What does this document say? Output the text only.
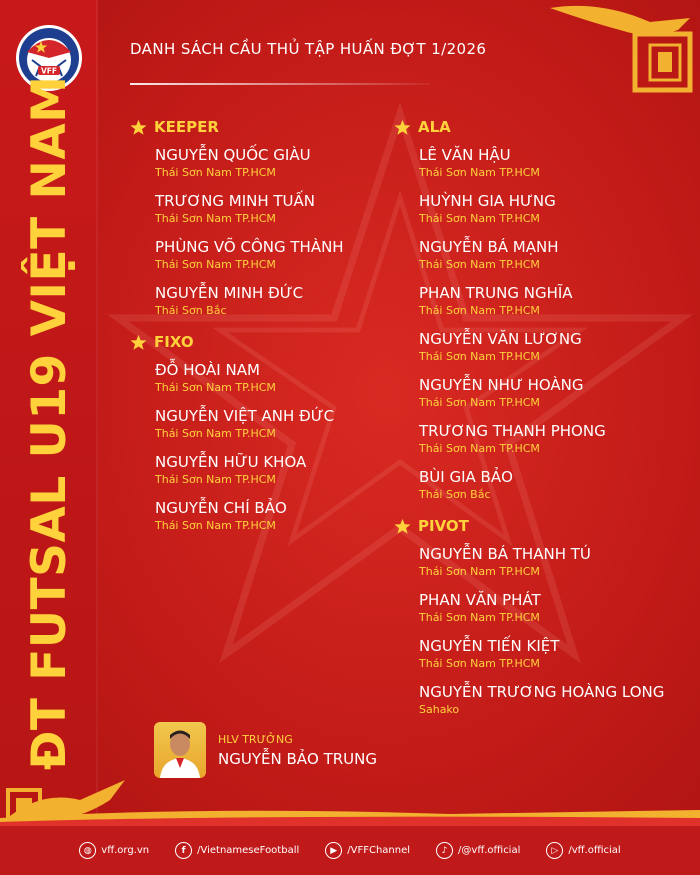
VFF
ĐT FUTSAL U19 VIỆT NAM
DANH SÁCH CẦU THỦ TẬP HUẤN ĐỢT 1/2026
KEEPER
NGUYỄN QUỐC GIÀU
Thái Sơn Nam TP.HCM
TRƯƠNG MINH TUẤN
Thái Sơn Nam TP.HCM
PHÙNG VÕ CÔNG THÀNH
Thái Sơn Nam TP.HCM
NGUYỄN MINH ĐỨC
Thái Sơn Bắc
FIXO
ĐỖ HOÀI NAM
Thái Sơn Nam TP.HCM
NGUYỄN VIỆT ANH ĐỨC
Thái Sơn Nam TP.HCM
NGUYỄN HỮU KHOA
Thái Sơn Nam TP.HCM
NGUYỄN CHÍ BẢO
Thái Sơn Nam TP.HCM
ALA
LÊ VĂN HẬU
Thái Sơn Nam TP.HCM
HUỲNH GIA HƯNG
Thái Sơn Nam TP.HCM
NGUYỄN BÁ MẠNH
Thái Sơn Nam TP.HCM
PHAN TRUNG NGHĨA
Thái Sơn Nam TP.HCM
NGUYỄN VĂN LƯƠNG
Thái Sơn Nam TP.HCM
NGUYỄN NHƯ HOÀNG
Thái Sơn Nam TP.HCM
TRƯƠNG THANH PHONG
Thái Sơn Nam TP.HCM
BÙI GIA BẢO
Thái Sơn Bắc
PIVOT
NGUYỄN BÁ THANH TÚ
Thái Sơn Nam TP.HCM
PHAN VĂN PHÁT
Thái Sơn Nam TP.HCM
NGUYỄN TIẾN KIỆT
Thái Sơn Nam TP.HCM
NGUYỄN TRƯƠNG HOÀNG LONG
Sahako
HLV TRƯỞNG
NGUYỄN BẢO TRUNG
◍ vff.org.vn	f	/VietnameseFootball	▶	/VFFChannel	♪	/@vff.official	▷	/vff.official
